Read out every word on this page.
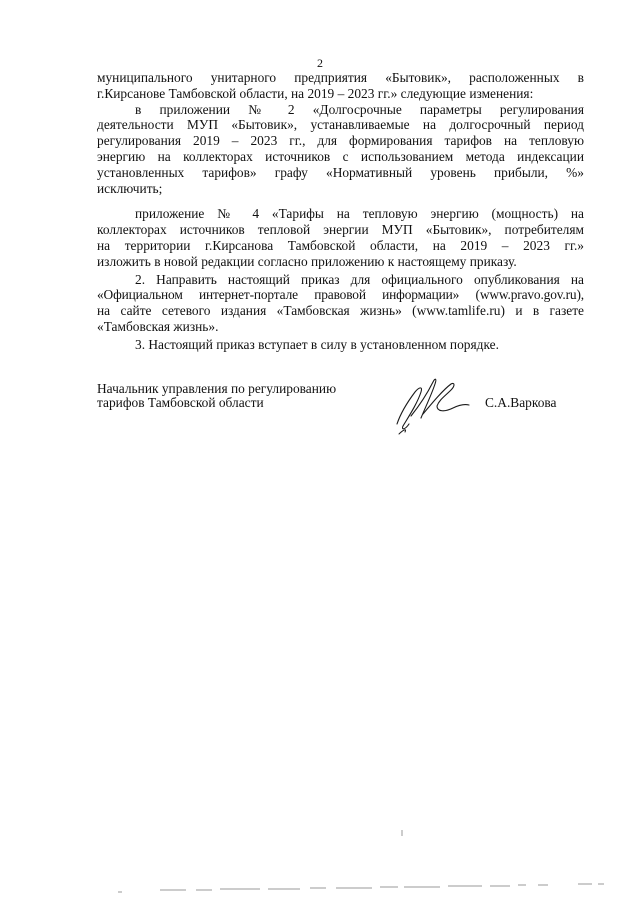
2

муниципального унитарного предприятия «Бытовик», расположенных в
г.Кирсанове Тамбовской области, на 2019 – 2023 гг.» следующие изменения:

в приложении № 2 «Долгосрочные параметры регулирования
деятельности МУП «Бытовик», устанавливаемые на долгосрочный период
регулирования 2019 – 2023 гг., для формирования тарифов на тепловую
энергию на коллекторах источников с использованием метода индексации
установленных тарифов» графу «Нормативный уровень прибыли, %»
исключить;

приложение № 4 «Тарифы на тепловую энергию (мощность) на
коллекторах источников тепловой энергии МУП «Бытовик», потребителям
на территории г.Кирсанова Тамбовской области, на 2019 – 2023 гг.»
изложить в новой редакции согласно приложению к настоящему приказу.

2. Направить настоящий приказ для официального опубликования на
«Официальном интернет-портале правовой информации» (www.pravo.gov.ru),
на сайте сетевого издания «Тамбовская жизнь» (www.tamlife.ru) и в газете
«Тамбовская жизнь».

3. Настоящий приказ вступает в силу в установленном порядке.

Начальник управления по регулированию
тарифов Тамбовской области	С.А.Варкова
